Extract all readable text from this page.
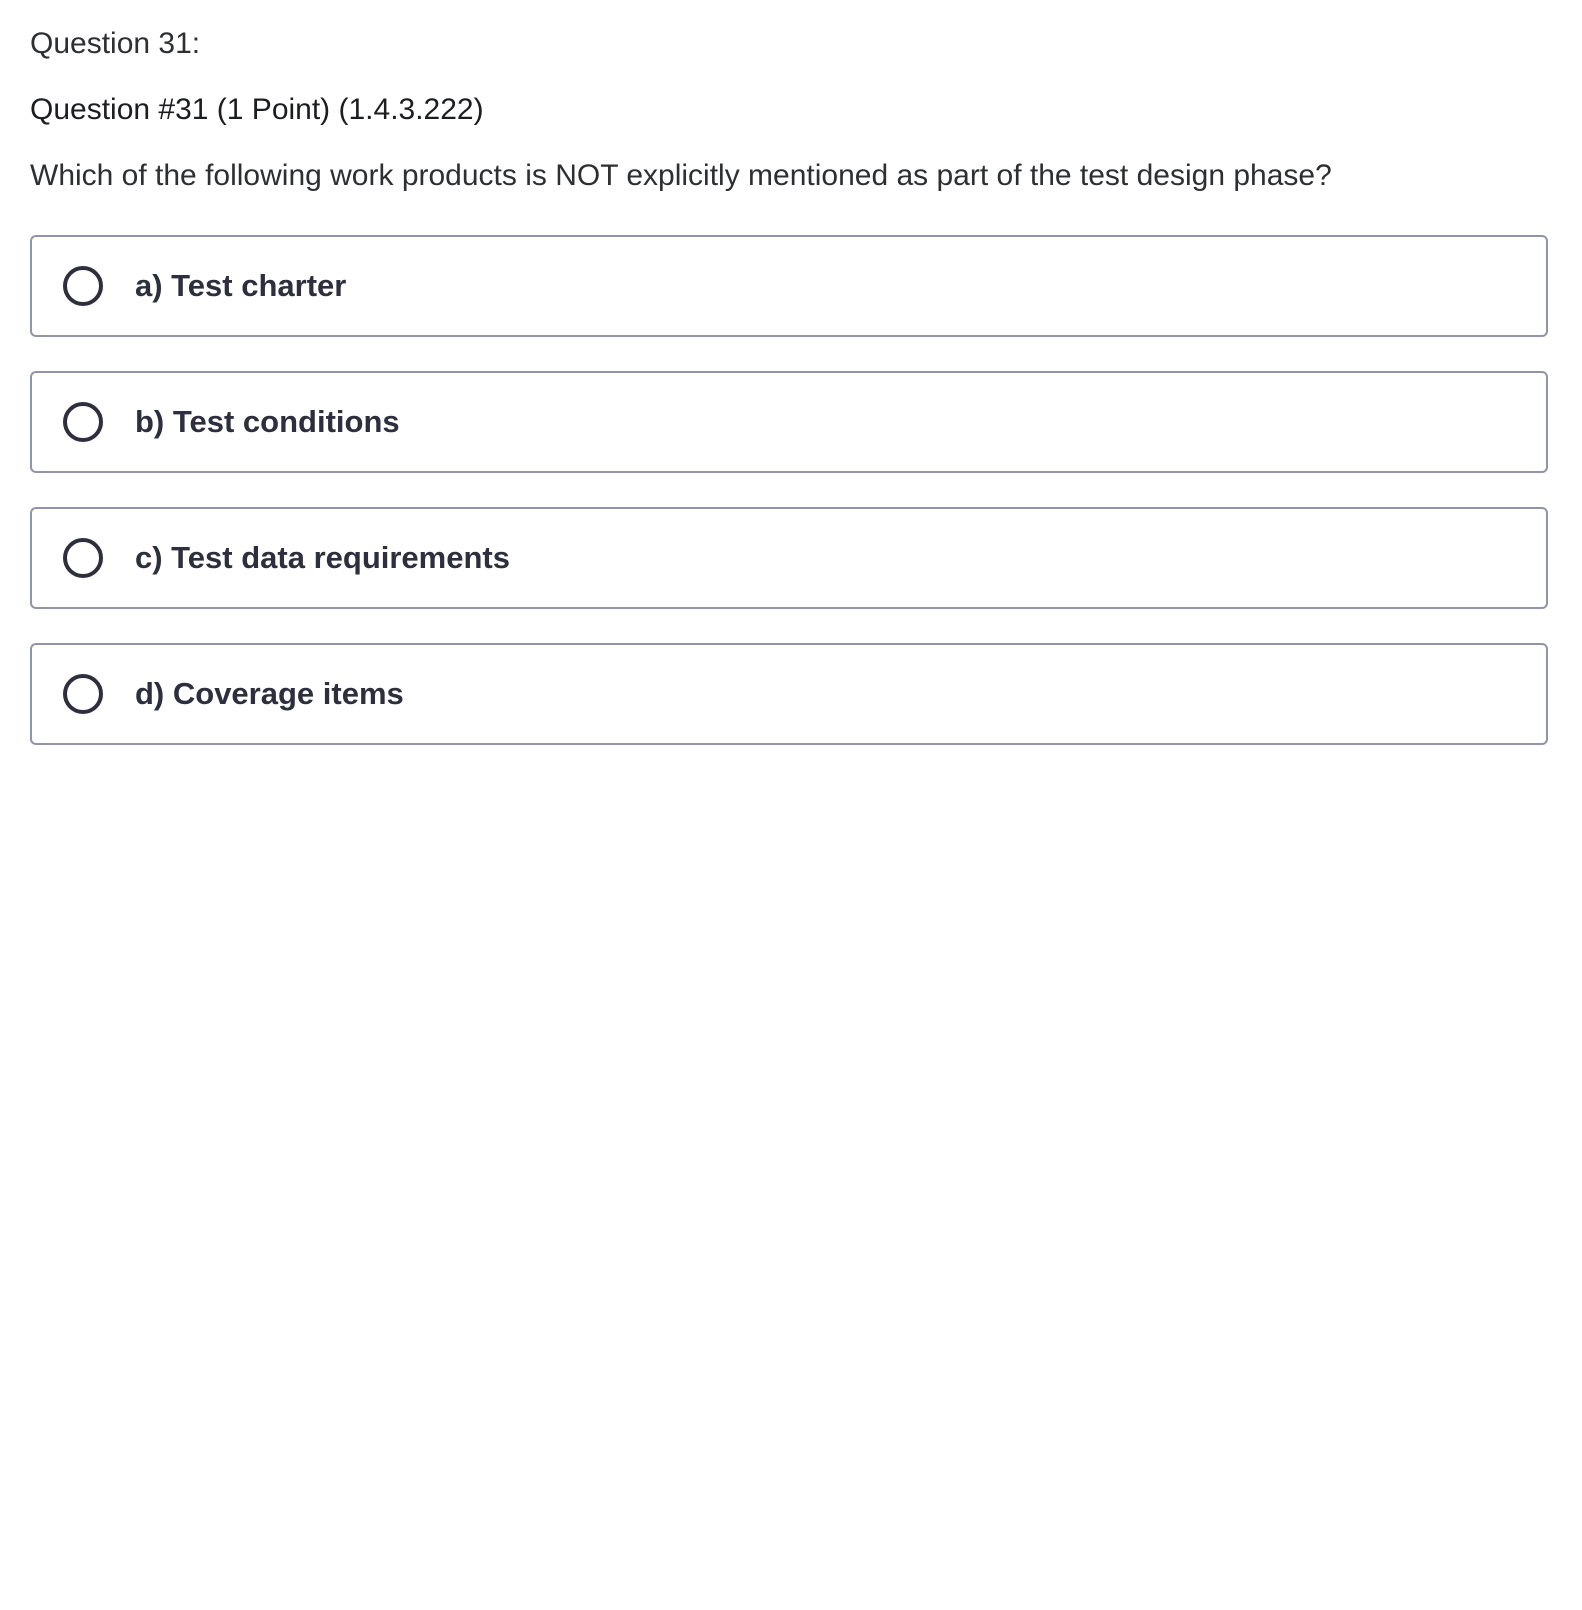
Question 31:
Question #31 (1 Point) (1.4.3.222)
Which of the following work products is NOT explicitly mentioned as part of the test design phase?
a) Test charter
b) Test conditions
c) Test data requirements
d) Coverage items
